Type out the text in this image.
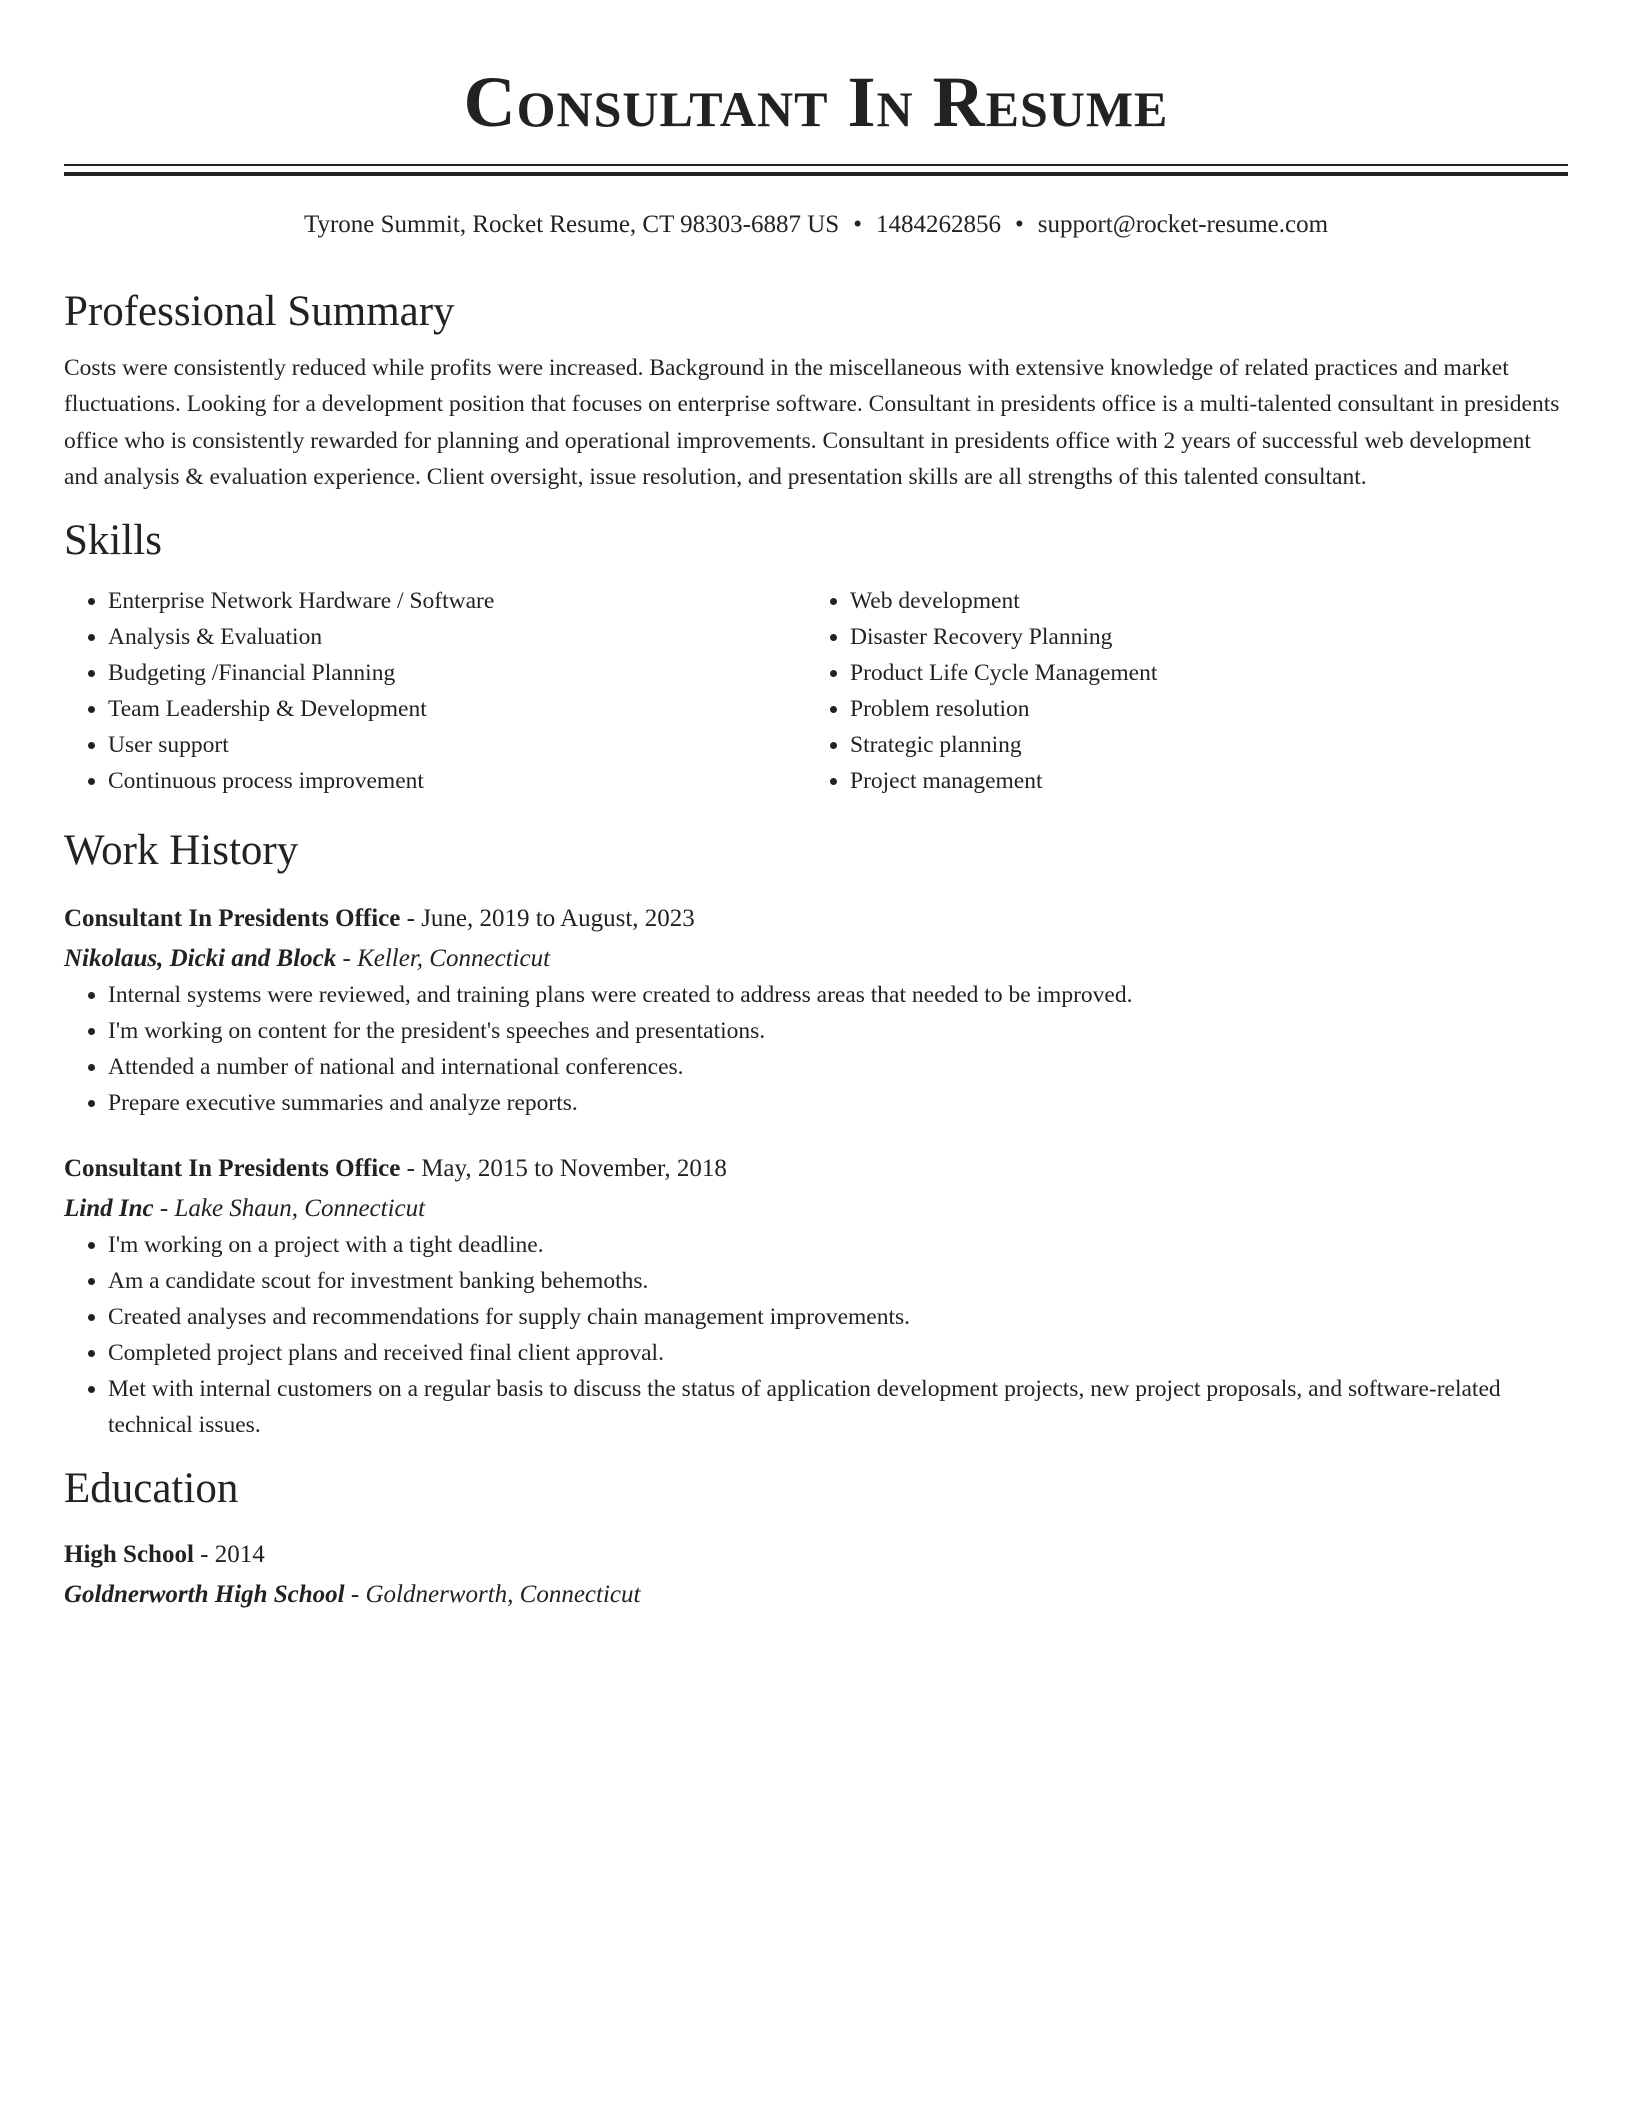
Consultant In Resume
Tyrone Summit, Rocket Resume, CT 98303-6887 US • 1484262856 • support@rocket-resume.com
Professional Summary
Costs were consistently reduced while profits were increased. Background in the miscellaneous with extensive knowledge of related practices and market fluctuations. Looking for a development position that focuses on enterprise software. Consultant in presidents office is a multi-talented consultant in presidents office who is consistently rewarded for planning and operational improvements. Consultant in presidents office with 2 years of successful web development and analysis & evaluation experience. Client oversight, issue resolution, and presentation skills are all strengths of this talented consultant.
Skills
• Enterprise Network Hardware / Software
• Analysis & Evaluation
• Budgeting /Financial Planning
• Team Leadership & Development
• User support
• Continuous process improvement
• Web development
• Disaster Recovery Planning
• Product Life Cycle Management
• Problem resolution
• Strategic planning
• Project management
Work History
Consultant In Presidents Office - June, 2019 to August, 2023
Nikolaus, Dicki and Block - Keller, Connecticut
• Internal systems were reviewed, and training plans were created to address areas that needed to be improved.
• I'm working on content for the president's speeches and presentations.
• Attended a number of national and international conferences.
• Prepare executive summaries and analyze reports.
Consultant In Presidents Office - May, 2015 to November, 2018
Lind Inc - Lake Shaun, Connecticut
• I'm working on a project with a tight deadline.
• Am a candidate scout for investment banking behemoths.
• Created analyses and recommendations for supply chain management improvements.
• Completed project plans and received final client approval.
• Met with internal customers on a regular basis to discuss the status of application development projects, new project proposals, and software-related technical issues.
Education
High School - 2014
Goldnerworth High School - Goldnerworth, Connecticut
